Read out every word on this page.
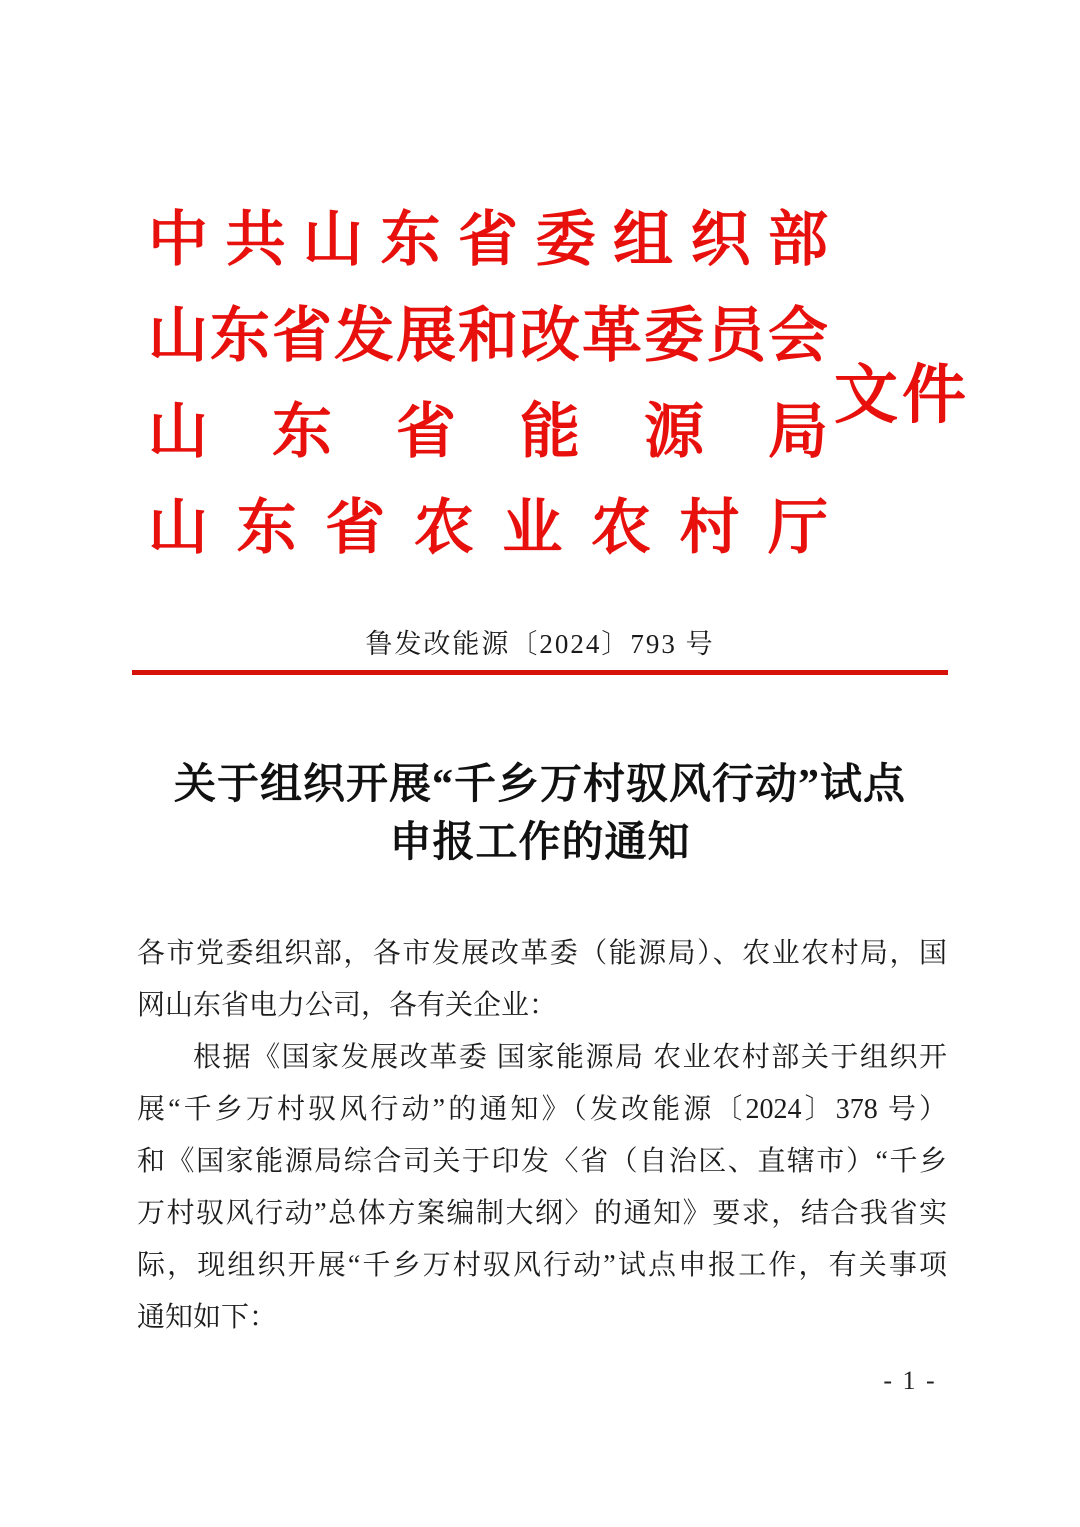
中共山东省委组织部
山东省发展和改革委员会
山东省能源局
山东省农业农村厅
文件
鲁发改能源〔2024〕793 号
关于组织开展“千乡万村驭风行动”试点
申报工作的通知
各市党委组织部，各市发展改革委（能源局）、农业农村局，国
网山东省电力公司，各有关企业：
根据《国家发展改革委 国家能源局 农业农村部关于组织开
展“千乡万村驭风行动”的通知》（发改能源〔2024〕378 号）
和《国家能源局综合司关于印发〈省（自治区、直辖市）“千乡
万村驭风行动”总体方案编制大纲〉的通知》要求，结合我省实
际，现组织开展“千乡万村驭风行动”试点申报工作，有关事项
通知如下：
- 1 -
